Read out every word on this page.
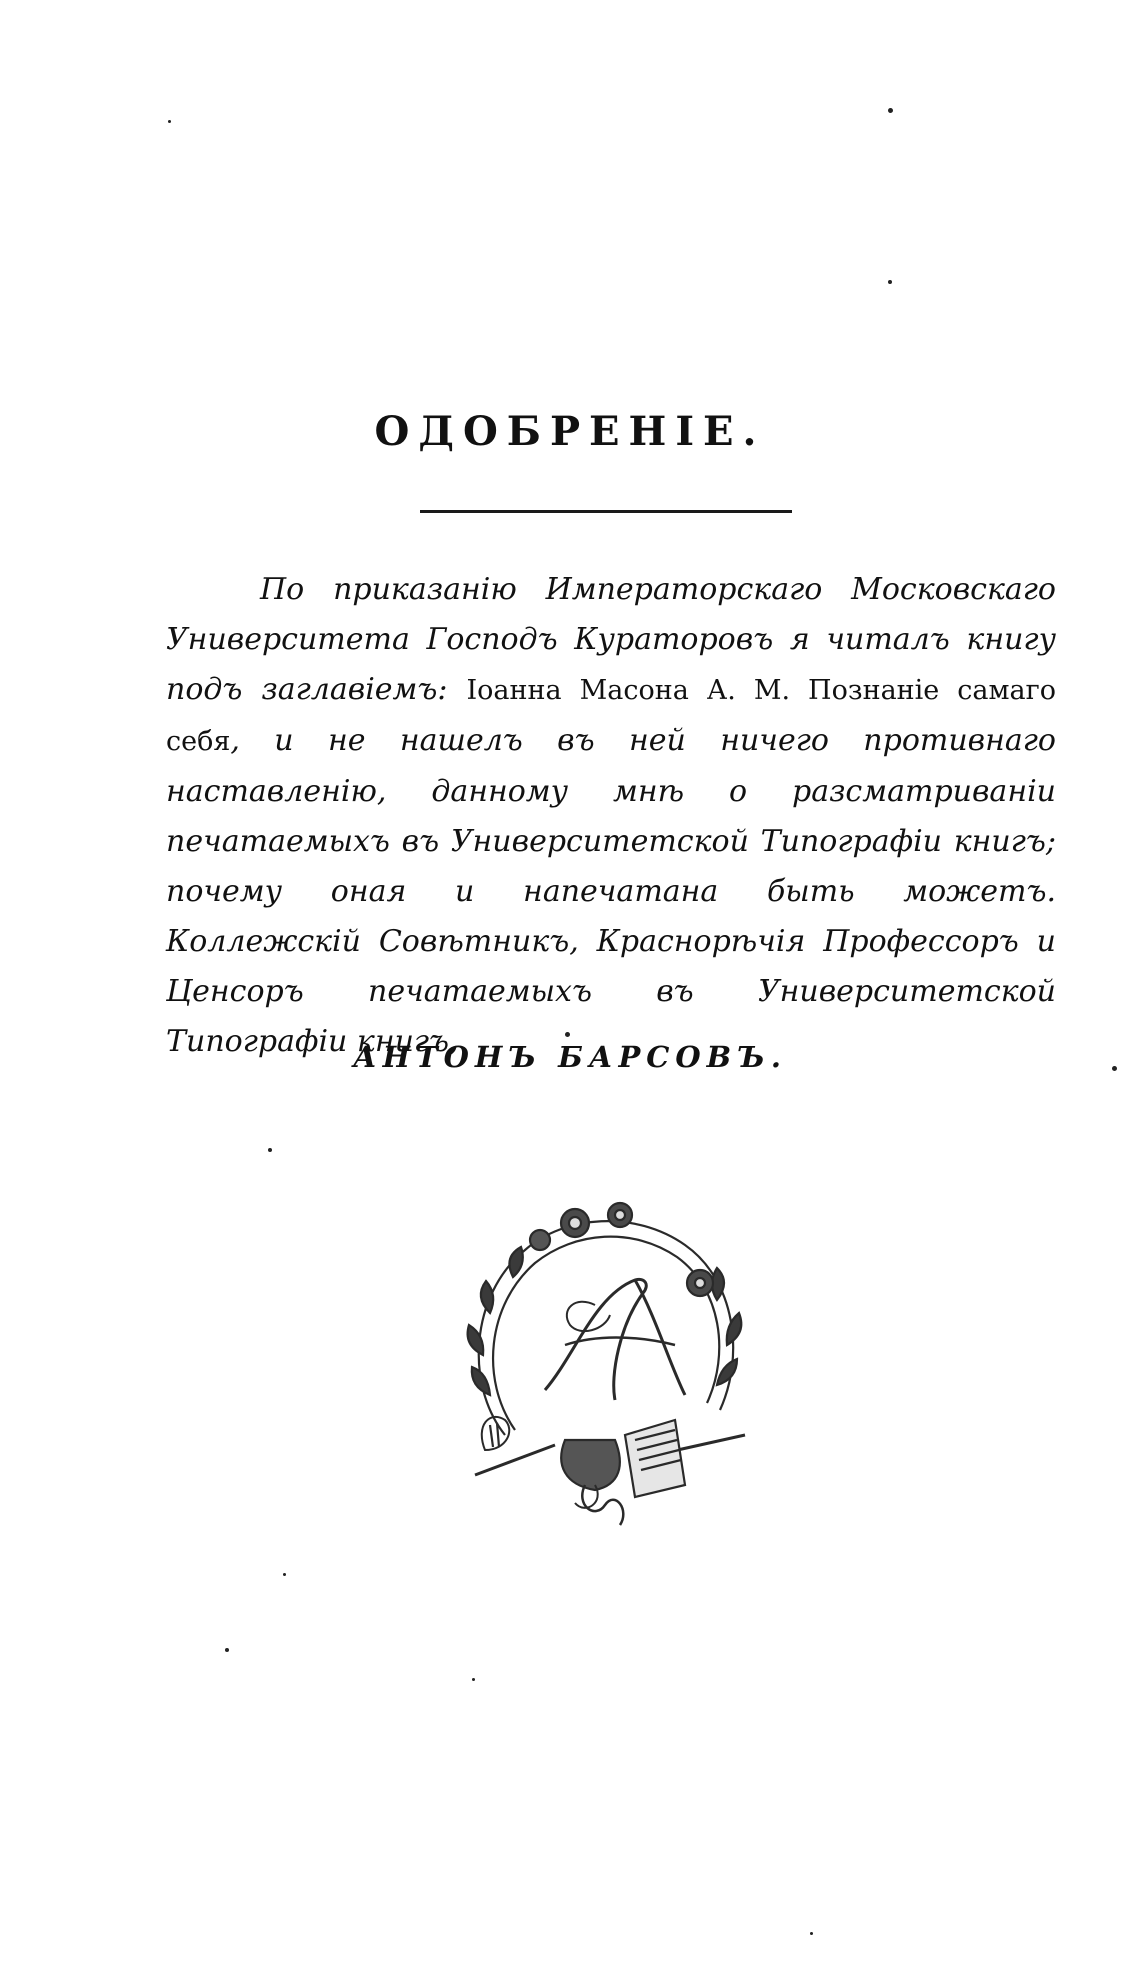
ОДОБРЕНІЕ.
По приказанію Императорскаго Московскаго Университета Господъ Кураторовъ я читалъ книгу подъ заглавіемъ: Іоанна Масона А. М. Познаніе самаго себя, и не нашелъ въ ней ничего противнаго наставленію, данному мнѣ о разсматриваніи печатаемыхъ въ Университетской Типографіи книгъ; почему оная и напечатана быть можетъ. Коллежскій Совѣтникъ, Краснорѣчія Профессоръ и Ценсоръ печатаемыхъ въ Университетской Типографіи книгъ,
АНТОНЪ БАРСОВЪ.
